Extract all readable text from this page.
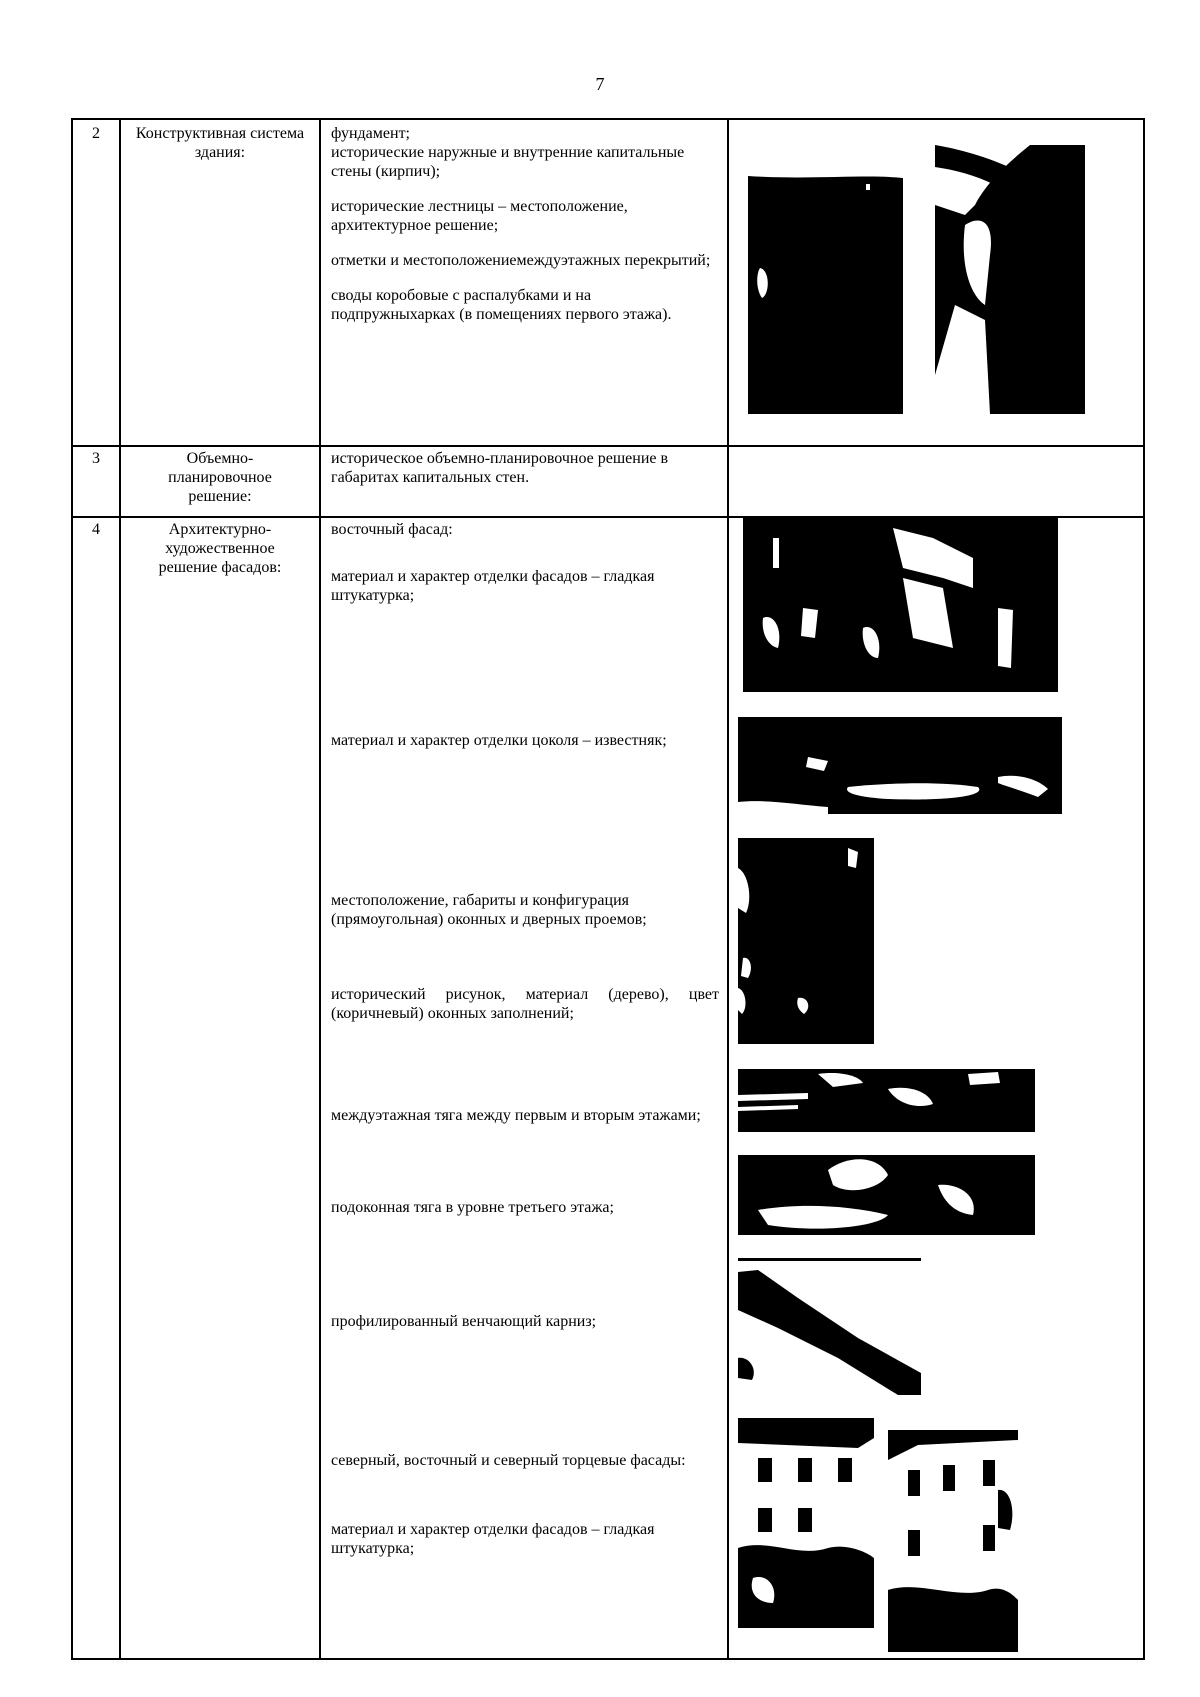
7
2	Конструктивная система здания:

фундамент;
исторические наружные и внутренние капитальные стены (кирпич);

исторические лестницы – местоположение, архитектурное решение;

отметки и местоположениемеждуэтажных перекрытий;

своды коробовые с распалубками и на подпружныхарках (в помещениях первого этажа).

3	Объемно-планировочное решение:

историческое объемно-планировочное решение в габаритах капитальных стен.

4	Архитектурно-художественное решение фасадов:
восточный фасад:
материал и характер отделки фасадов – гладкая штукатурка;
материал и характер отделки цоколя – известняк;
местоположение, габариты и конфигурация (прямоугольная) оконных и дверных проемов;
исторический рисунок, материал (дерево), цвет (коричневый) оконных заполнений;
междуэтажная тяга между первым и вторым этажами;
подоконная тяга в уровне третьего этажа;
профилированный венчающий карниз;
северный, восточный и северный торцевые фасады:
материал и характер отделки фасадов – гладкая штукатурка;
